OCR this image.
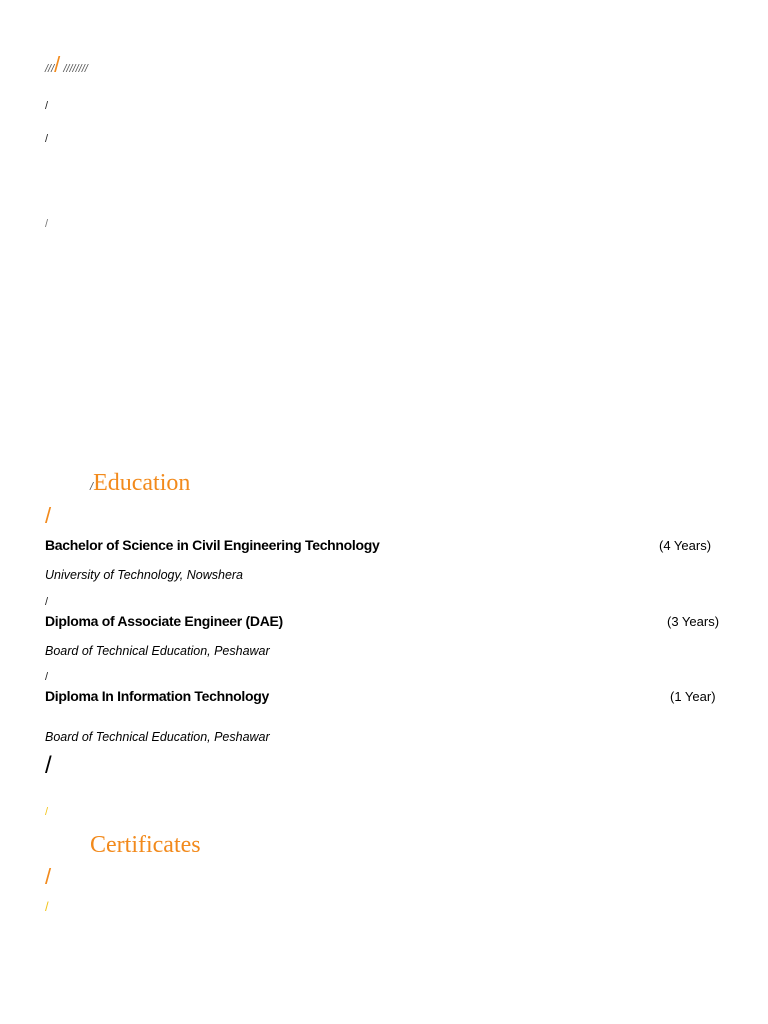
//// ////////
/
/
/
/Education
/
Bachelor of Science in Civil Engineering Technology	(4 Years)
University of Technology, Nowshera
/
Diploma of Associate Engineer (DAE)	(3 Years)
Board of Technical Education, Peshawar
/
Diploma In Information Technology	(1 Year)
Board of Technical Education, Peshawar
/
/
Certificates
/
/
